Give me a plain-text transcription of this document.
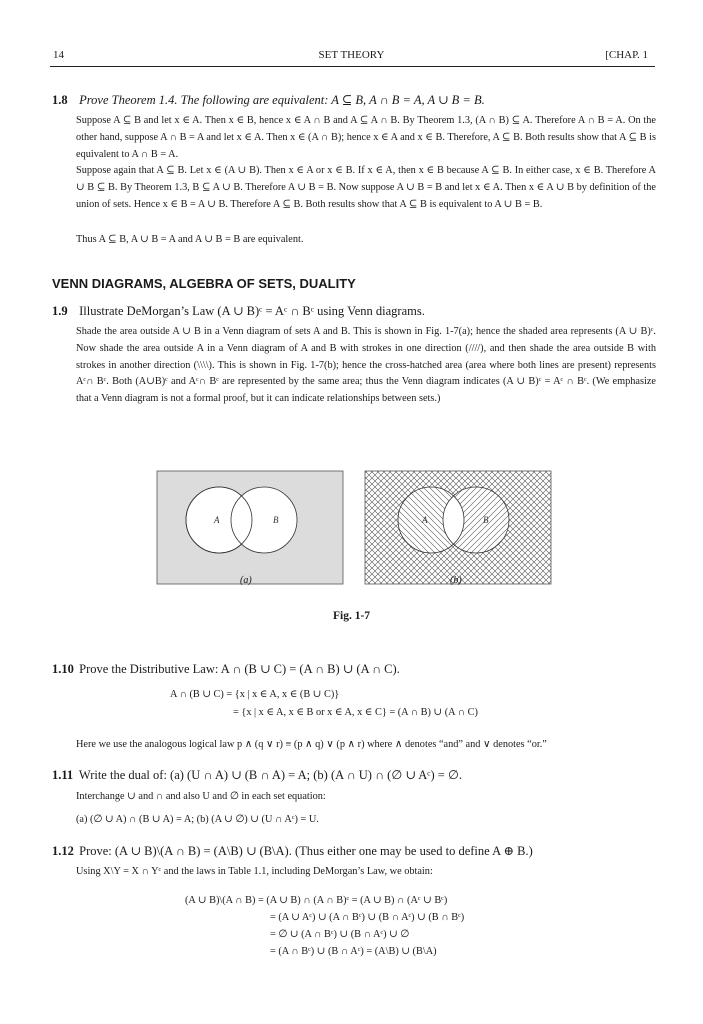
14	SET THEORY	[CHAP. 1
1.8 Prove Theorem 1.4. The following are equivalent: A ⊆ B, A ∩ B = A, A ∪ B = B.
Suppose A ⊆ B and let x ∈ A. Then x ∈ B, hence x ∈ A ∩ B and A ⊆ A ∩ B. By Theorem 1.3, (A ∩ B) ⊆ A. Therefore A ∩ B = A. On the other hand, suppose A ∩ B = A and let x ∈ A. Then x ∈ (A ∩ B); hence x ∈ A and x ∈ B. Therefore, A ⊆ B. Both results show that A ⊆ B is equivalent to A ∩ B = A.
Suppose again that A ⊆ B. Let x ∈ (A ∪ B). Then x ∈ A or x ∈ B. If x ∈ A, then x ∈ B because A ⊆ B. In either case, x ∈ B. Therefore A ∪ B ⊆ B. By Theorem 1.3, B ⊆ A ∪ B. Therefore A ∪ B = B. Now suppose A ∪ B = B and let x ∈ A. Then x ∈ A ∪ B by definition of the union of sets. Hence x ∈ B = A ∪ B. Therefore A ⊆ B. Both results show that A ⊆ B is equivalent to A ∪ B = B.
Thus A ⊆ B, A ∪ B = A and A ∪ B = B are equivalent.
VENN DIAGRAMS, ALGEBRA OF SETS, DUALITY
1.9 Illustrate DeMorgan’s Law (A ∪ B)ᶜ = Aᶜ ∩ Bᶜ using Venn diagrams.
Shade the area outside A ∪ B in a Venn diagram of sets A and B. This is shown in Fig. 1-7(a); hence the shaded area represents (A ∪ B)ᶜ. Now shade the area outside A in a Venn diagram of A and B with strokes in one direction (////), and then shade the area outside B with strokes in another direction (\\\\). This is shown in Fig. 1-7(b); hence the cross-hatched area (area where both lines are present) represents Aᶜ∩ Bᶜ. Both (A∪B)ᶜ and Aᶜ∩ Bᶜ are represented by the same area; thus the Venn diagram indicates (A ∪ B)ᶜ = Aᶜ ∩ Bᶜ. (We emphasize that a Venn diagram is not a formal proof, but it can indicate relationships between sets.)
A	B	A	B
(a)	(b)
Fig. 1-7
1.10 Prove the Distributive Law: A ∩ (B ∪ C) = (A ∩ B) ∪ (A ∩ C).
A ∩ (B ∪ C) = {x | x ∈ A, x ∈ (B ∪ C)}
= {x | x ∈ A, x ∈ B or x ∈ A, x ∈ C} = (A ∩ B) ∪ (A ∩ C)
Here we use the analogous logical law p ∧ (q ∨ r) ≡ (p ∧ q) ∨ (p ∧ r) where ∧ denotes “and” and ∨ denotes “or.”
1.11 Write the dual of: (a) (U ∩ A) ∪ (B ∩ A) = A; (b) (A ∩ U) ∩ (∅ ∪ Aᶜ) = ∅.
Interchange ∪ and ∩ and also U and ∅ in each set equation:
(a) (∅ ∪ A) ∩ (B ∪ A) = A; (b) (A ∪ ∅) ∪ (U ∩ Aᶜ) = U.
1.12 Prove: (A ∪ B)\(A ∩ B) = (A\B) ∪ (B\A). (Thus either one may be used to define A ⊕ B.)
Using X\Y = X ∩ Yᶜ and the laws in Table 1.1, including DeMorgan’s Law, we obtain:
(A ∪ B)\(A ∩ B) = (A ∪ B) ∩ (A ∩ B)ᶜ = (A ∪ B) ∩ (Aᶜ ∪ Bᶜ)
= (A ∪ Aᶜ) ∪ (A ∩ Bᶜ) ∪ (B ∩ Aᶜ) ∪ (B ∩ Bᶜ)
= ∅ ∪ (A ∩ Bᶜ) ∪ (B ∩ Aᶜ) ∪ ∅
= (A ∩ Bᶜ) ∪ (B ∩ Aᶜ) = (A\B) ∪ (B\A)
